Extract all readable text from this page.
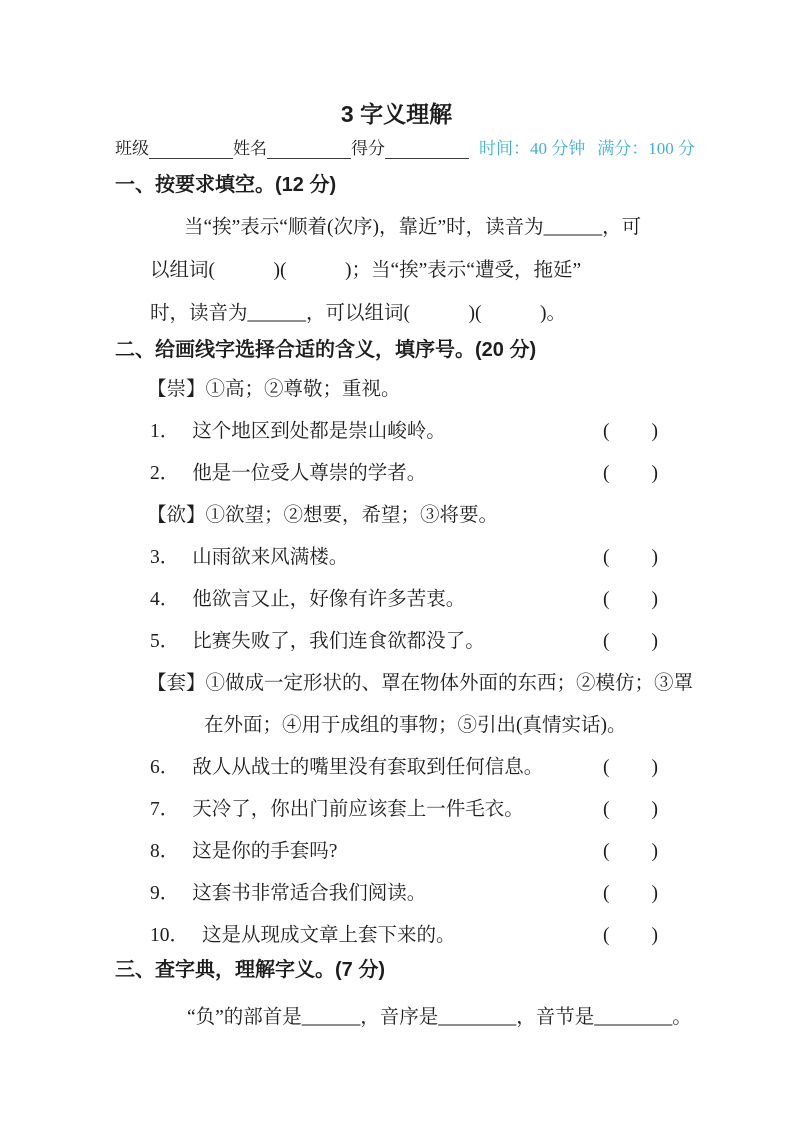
3 字义理解
班级	姓名	得分	时间：40 分钟 满分：100 分
一、按要求填空。(12 分)
当“挨”表示“顺着(次序)，靠近”时，读音为______，可
以组词(　　　)(　　　)；当“挨”表示“遭受，拖延”
时，读音为______，可以组词(　　　)(　　　)。
二、给画线字选择合适的含义，填序号。(20 分)
【崇】①高；②尊敬；重视。
1． 这个地区到处都是崇山峻岭。	(　　)
2． 他是一位受人尊崇的学者。	(　　)
【欲】①欲望；②想要，希望；③将要。
3． 山雨欲来风满楼。	(　　)
4． 他欲言又止，好像有许多苦衷。	(　　)
5． 比赛失败了，我们连食欲都没了。	(　　)
【套】①做成一定形状的、罩在物体外面的东西；②模仿；③罩
在外面；④用于成组的事物；⑤引出(真情实话)。
6． 敌人从战士的嘴里没有套取到任何信息。	(　　)
7． 天冷了，你出门前应该套上一件毛衣。	(　　)
8． 这是你的手套吗?	(　　)
9． 这套书非常适合我们阅读。	(　　)
10． 这是从现成文章上套下来的。	(　　)
三、查字典，理解字义。(7 分)
“负”的部首是______，音序是________，音节是________。
